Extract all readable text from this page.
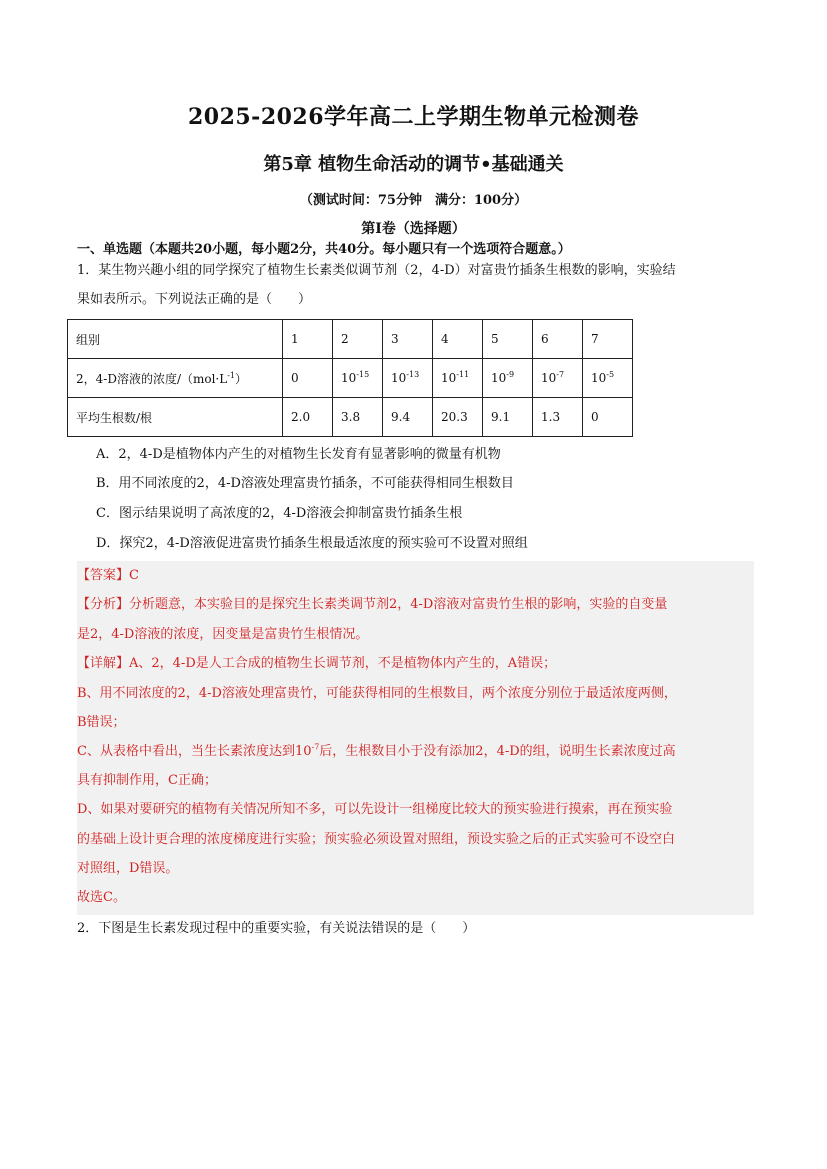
2025-2026学年高二上学期生物单元检测卷
第5章 植物生命活动的调节•基础通关
（测试时间：75分钟　满分：100分）
第Ⅰ卷（选择题）
一、单选题（本题共20小题，每小题2分，共40分。每小题只有一个选项符合题意。）
1．某生物兴趣小组的同学探究了植物生长素类似调节剂（2，4-D）对富贵竹插条生根数的影响，实验结
果如表所示。下列说法正确的是（　　）
组别	1	2	3	4	5	6	7
2，4-D溶液的浓度$/(mol\cdot L^{-1})$	0	$10^{-15}$	$10^{-13}$	$10^{-11}$	$10^{-9}$	$10^{-7}$	$10^{-5}$
平均生根数/根	2.0	3.8	9.4	20.3	9.1	1.3	0
A．2，4-D是植物体内产生的对植物生长发育有显著影响的微量有机物
B．用不同浓度的2，4-D溶液处理富贵竹插条，不可能获得相同生根数目
C．图示结果说明了高浓度的2，4-D溶液会抑制富贵竹插条生根
D．探究2，4-D溶液促进富贵竹插条生根最适浓度的预实验可不设置对照组
【答案】C
【分析】分析题意，本实验目的是探究生长素类调节剂2，4-D溶液对富贵竹生根的影响，实验的自变量
是2，4-D溶液的浓度，因变量是富贵竹生根情况。
【详解】A、2，4-D是人工合成的植物生长调节剂，不是植物体内产生的，A错误；
B、用不同浓度的2，4-D溶液处理富贵竹，可能获得相同的生根数目，两个浓度分别位于最适浓度两侧，
B错误；
C、从表格中看出，当生长素浓度达到$10^{-7}$后，生根数目小于没有添加2，4-D的组，说明生长素浓度过高
具有抑制作用，C正确；
D、如果对要研究的植物有关情况所知不多，可以先设计一组梯度比较大的预实验进行摸索，再在预实验
的基础上设计更合理的浓度梯度进行实验；预实验必须设置对照组，预设实验之后的正式实验可不设空白
对照组，D错误。
故选C。
2．下图是生长素发现过程中的重要实验，有关说法错误的是（　　）
